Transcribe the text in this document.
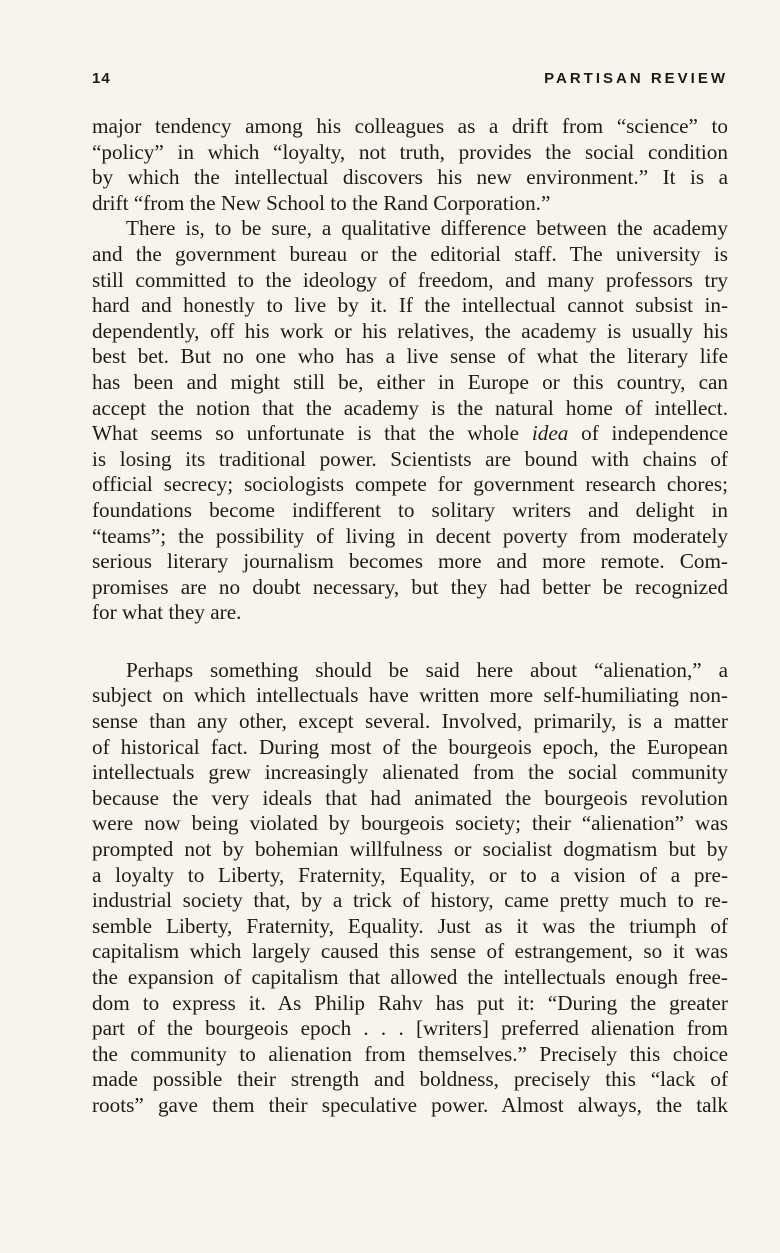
14	PARTISAN REVIEW
major tendency among his colleagues as a drift from “science” to
“policy” in which “loyalty, not truth, provides the social condition
by which the intellectual discovers his new environment.” It is a
drift “from the New School to the Rand Corporation.”
There is, to be sure, a qualitative difference between the academy
and the government bureau or the editorial staff. The university is
still committed to the ideology of freedom, and many professors try
hard and honestly to live by it. If the intellectual cannot subsist in-
dependently, off his work or his relatives, the academy is usually his
best bet. But no one who has a live sense of what the literary life
has been and might still be, either in Europe or this country, can
accept the notion that the academy is the natural home of intellect.
What seems so unfortunate is that the whole idea of independence
is losing its traditional power. Scientists are bound with chains of
official secrecy; sociologists compete for government research chores;
foundations become indifferent to solitary writers and delight in
“teams”; the possibility of living in decent poverty from moderately
serious literary journalism becomes more and more remote. Com-
promises are no doubt necessary, but they had better be recognized
for what they are.
Perhaps something should be said here about “alienation,” a
subject on which intellectuals have written more self-humiliating non-
sense than any other, except several. Involved, primarily, is a matter
of historical fact. During most of the bourgeois epoch, the European
intellectuals grew increasingly alienated from the social community
because the very ideals that had animated the bourgeois revolution
were now being violated by bourgeois society; their “alienation” was
prompted not by bohemian willfulness or socialist dogmatism but by
a loyalty to Liberty, Fraternity, Equality, or to a vision of a pre-
industrial society that, by a trick of history, came pretty much to re-
semble Liberty, Fraternity, Equality. Just as it was the triumph of
capitalism which largely caused this sense of estrangement, so it was
the expansion of capitalism that allowed the intellectuals enough free-
dom to express it. As Philip Rahv has put it: “During the greater
part of the bourgeois epoch . . . [writers] preferred alienation from
the community to alienation from themselves.” Precisely this choice
made possible their strength and boldness, precisely this “lack of
roots” gave them their speculative power. Almost always, the talk
